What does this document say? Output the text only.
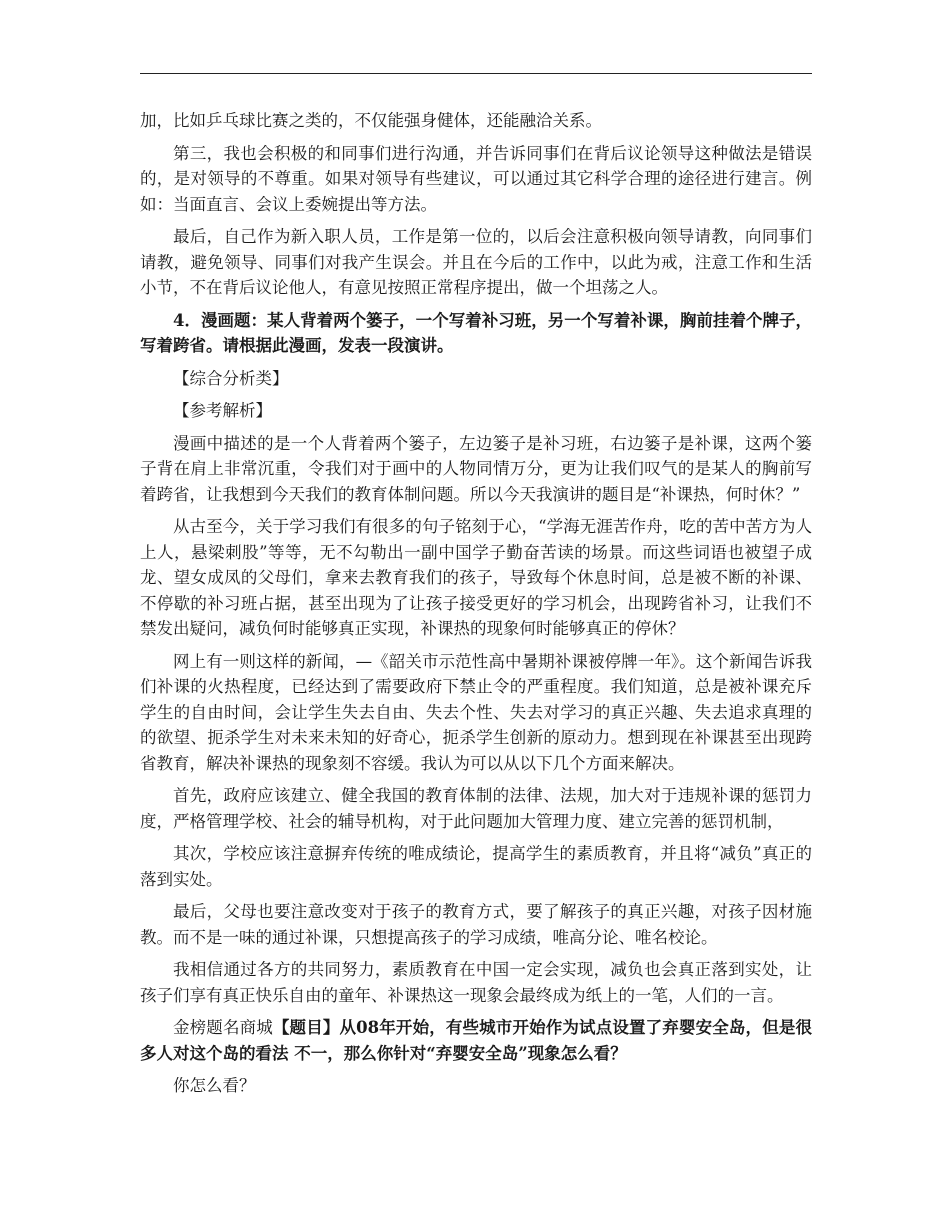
加，比如乒乓球比赛之类的，不仅能强身健体，还能融洽关系。

第三，我也会积极的和同事们进行沟通，并告诉同事们在背后议论领导这种做法是错误的，是对领导的不尊重。如果对领导有些建议，可以通过其它科学合理的途径进行建言。例如：当面直言、会议上委婉提出等方法。

最后，自己作为新入职人员，工作是第一位的，以后会注意积极向领导请教，向同事们请教，避免领导、同事们对我产生误会。并且在今后的工作中，以此为戒，注意工作和生活小节，不在背后议论他人，有意见按照正常程序提出，做一个坦荡之人。

4．漫画题：某人背着两个篓子，一个写着补习班，另一个写着补课，胸前挂着个牌子，写着跨省。请根据此漫画，发表一段演讲。

【综合分析类】

【参考解析】

漫画中描述的是一个人背着两个篓子，左边篓子是补习班，右边篓子是补课，这两个篓子背在肩上非常沉重，令我们对于画中的人物同情万分，更为让我们叹气的是某人的胸前写着跨省，让我想到今天我们的教育体制问题。所以今天我演讲的题目是“补课热，何时休？”

从古至今，关于学习我们有很多的句子铭刻于心，“学海无涯苦作舟，吃的苦中苦方为人上人，悬梁刺股”等等，无不勾勒出一副中国学子勤奋苦读的场景。而这些词语也被望子成龙、望女成凤的父母们，拿来去教育我们的孩子，导致每个休息时间，总是被不断的补课、不停歇的补习班占据，甚至出现为了让孩子接受更好的学习机会，出现跨省补习，让我们不禁发出疑问，减负何时能够真正实现，补课热的现象何时能够真正的停休？

网上有一则这样的新闻，—《韶关市示范性高中暑期补课被停牌一年》。这个新闻告诉我们补课的火热程度，已经达到了需要政府下禁止令的严重程度。我们知道，总是被补课充斥学生的自由时间，会让学生失去自由、失去个性、失去对学习的真正兴趣、失去追求真理的的欲望、扼杀学生对未来未知的好奇心，扼杀学生创新的原动力。想到现在补课甚至出现跨省教育，解决补课热的现象刻不容缓。我认为可以从以下几个方面来解决。

首先，政府应该建立、健全我国的教育体制的法律、法规，加大对于违规补课的惩罚力度，严格管理学校、社会的辅导机构，对于此问题加大管理力度、建立完善的惩罚机制，

其次，学校应该注意摒弃传统的唯成绩论，提高学生的素质教育，并且将“减负”真正的落到实处。

最后，父母也要注意改变对于孩子的教育方式，要了解孩子的真正兴趣，对孩子因材施教。而不是一味的通过补课，只想提高孩子的学习成绩，唯高分论、唯名校论。

我相信通过各方的共同努力，素质教育在中国一定会实现，减负也会真正落到实处，让孩子们享有真正快乐自由的童年、补课热这一现象会最终成为纸上的一笔，人们的一言。

金榜题名商城【题目】从08年开始，有些城市开始作为试点设置了弃婴安全岛，但是很多人对这个岛的看法 不一，那么你针对“弃婴安全岛”现象怎么看？

你怎么看？
